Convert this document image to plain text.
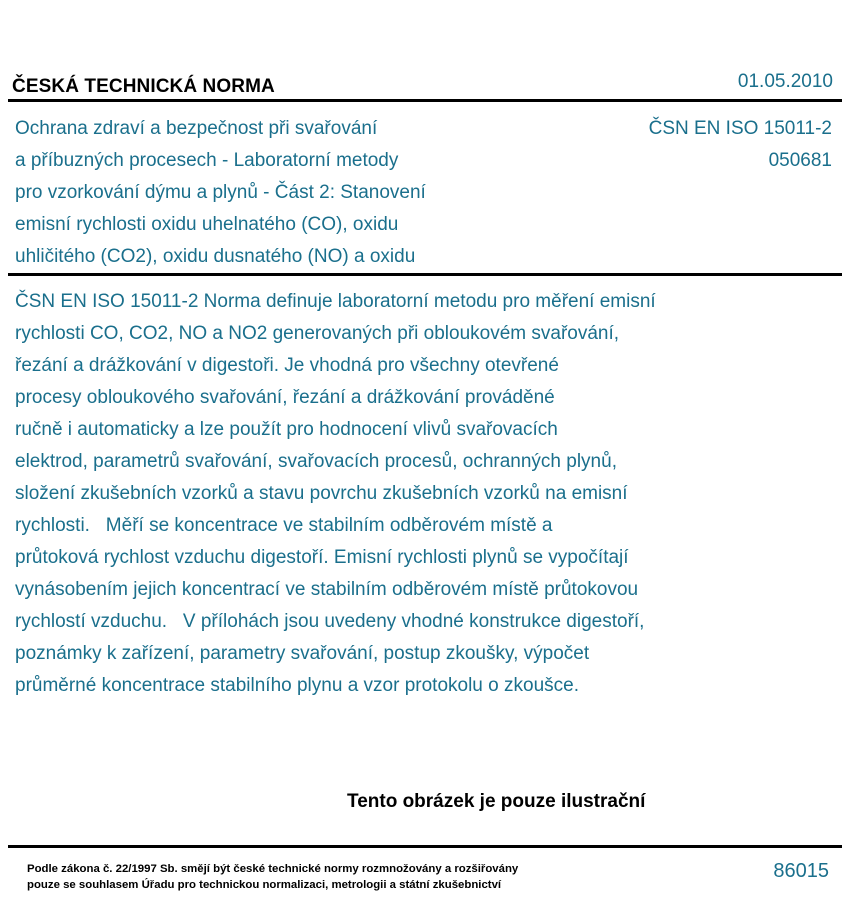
ČESKÁ TECHNICKÁ NORMA	01.05.2010
Ochrana zdraví a bezpečnost při svařování
a příbuzných procesech - Laboratorní metody
pro vzorkování dýmu a plynů - Část 2: Stanovení
emisní rychlosti oxidu uhelnatého (CO), oxidu
uhličitého (CO2), oxidu dusnatého (NO) a oxidu
ČSN EN ISO 15011-2
050681
ČSN EN ISO 15011-2 Norma definuje laboratorní metodu pro měření emisní
rychlosti CO, CO2, NO a NO2 generovaných při obloukovém svařování,
řezání a drážkování v digestoři. Je vhodná pro všechny otevřené
procesy obloukového svařování, řezání a drážkování prováděné
ručně i automaticky a lze použít pro hodnocení vlivů svařovacích
elektrod, parametrů svařování, svařovacích procesů, ochranných plynů,
složení zkušebních vzorků a stavu povrchu zkušebních vzorků na emisní
rychlosti.   Měří se koncentrace ve stabilním odběrovém místě a
průtoková rychlost vzduchu digestoří. Emisní rychlosti plynů se vypočítají
vynásobením jejich koncentrací ve stabilním odběrovém místě průtokovou
rychlostí vzduchu.   V přílohách jsou uvedeny vhodné konstrukce digestoří,
poznámky k zařízení, parametry svařování, postup zkoušky, výpočet
průměrné koncentrace stabilního plynu a vzor protokolu o zkoušce.
Tento obrázek je pouze ilustrační
Podle zákona č. 22/1997 Sb. smějí být české technické normy rozmnožovány a rozšiřovány
pouze se souhlasem Úřadu pro technickou normalizaci, metrologii a státní zkušebnictví
86015
